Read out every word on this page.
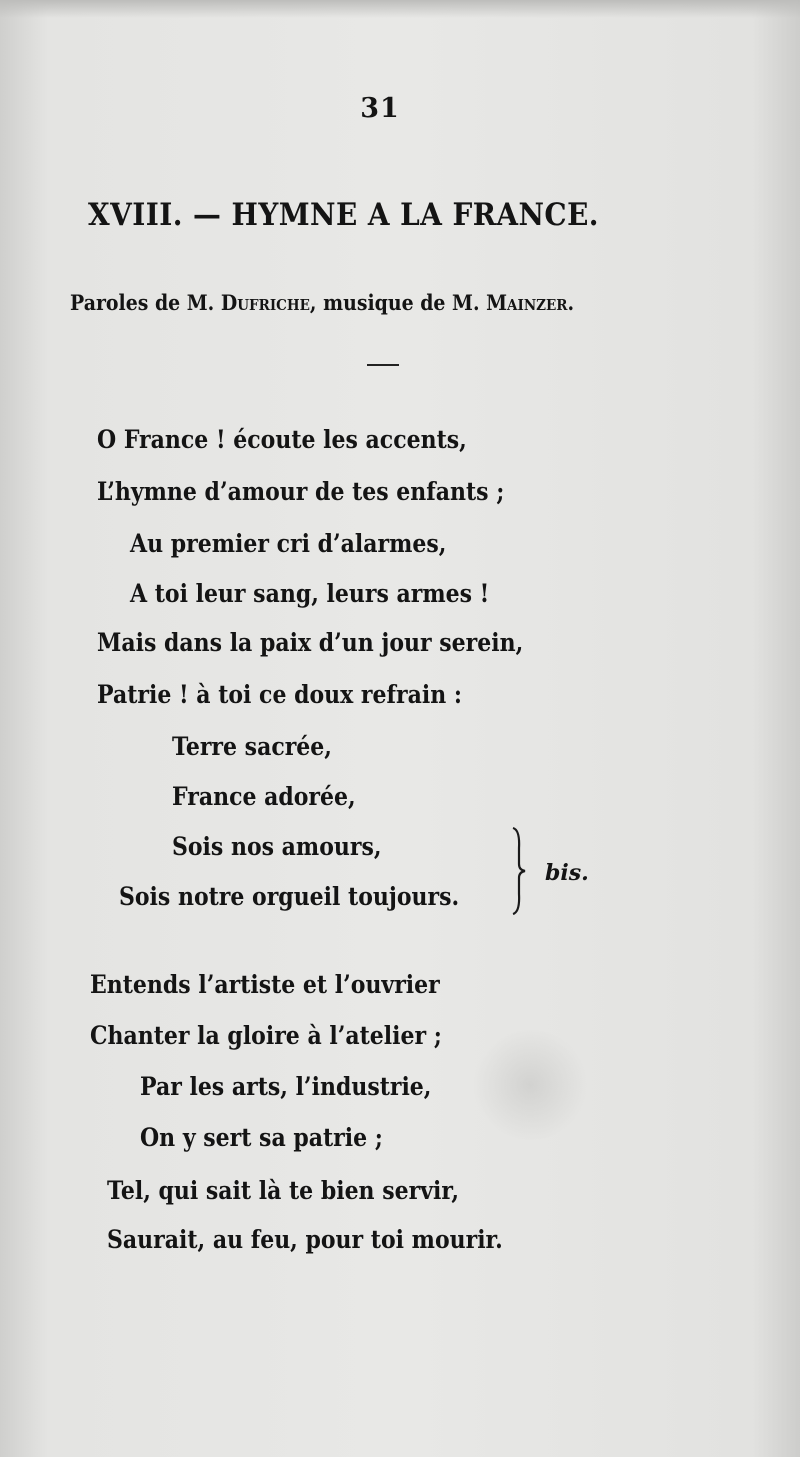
31
XVIII. — HYMNE A LA FRANCE.
Paroles de M. Dufriche, musique de M. Mainzer.
O France ! écoute les accents,
L’hymne d’amour de tes enfants ;
Au premier cri d’alarmes,
A toi leur sang, leurs armes !
Mais dans la paix d’un jour serein,
Patrie ! à toi ce doux refrain :
Terre sacrée,
France adorée,
Sois nos amours,
Sois notre orgueil toujours.
bis.
Entends l’artiste et l’ouvrier
Chanter la gloire à l’atelier ;
Par les arts, l’industrie,
On y sert sa patrie ;
Tel, qui sait là te bien servir,
Saurait, au feu, pour toi mourir.
